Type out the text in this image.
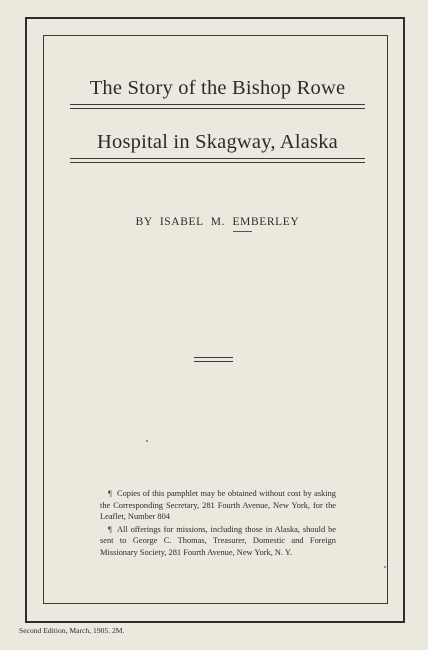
The Story of the Bishop Rowe
Hospital in Skagway, Alaska
BY ISABEL M. EMBERLEY

¶ Copies of this pamphlet may be obtained without cost by asking the Corresponding Secretary, 281 Fourth Avenue, New York, for the Leaflet, Number 804

¶ All offerings for missions, including those in Alaska, should be sent to George C. Thomas, Treasurer, Domestic and Foreign Missionary Society, 281 Fourth Avenue, New York, N. Y.

Second Edition, March, 1905. 2M.
